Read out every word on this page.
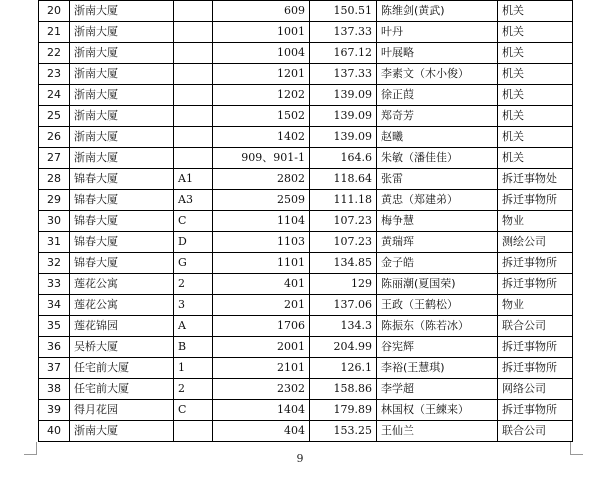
20	浙南大厦		609	150.51	陈维剑(黄武)	机关
21	浙南大厦		1001	137.33	叶丹	机关
22	浙南大厦		1004	167.12	叶展略	机关
23	浙南大厦		1201	137.33	李素文（木小俊）	机关
24	浙南大厦		1202	139.09	徐正葭	机关
25	浙南大厦		1502	139.09	郑奇芳	机关
26	浙南大厦		1402	139.09	赵曦	机关
27	浙南大厦		909、901-1	164.6	朱敏（潘佳佳）	机关
28	锦春大厦	A1	2802	118.64	张雷	拆迁事物处
29	锦春大厦	A3	2509	111.18	黄忠（郑建弟）	拆迁事物所
30	锦春大厦	C	1104	107.23	梅争慧	物业
31	锦春大厦	D	1103	107.23	黄瑞珲	测绘公司
32	锦春大厦	G	1101	134.85	金子皓	拆迁事物所
33	莲花公寓	2	401	129	陈丽潮(夏国荣)	拆迁事物所
34	莲花公寓	3	201	137.06	王政（王鹤松）	物业
35	莲花锦园	A	1706	134.3	陈振东（陈若冰）	联合公司
36	吴桥大厦	B	2001	204.99	谷宪辉	拆迁事物所
37	任宅前大厦	1	2101	126.1	李裕(王慧琪)	拆迁事物所
38	任宅前大厦	2	2302	158.86	李学超	网络公司
39	得月花园	C	1404	179.89	林国权（王練来）	拆迁事物所
40	浙南大厦		404	153.25	王仙兰	联合公司
9
